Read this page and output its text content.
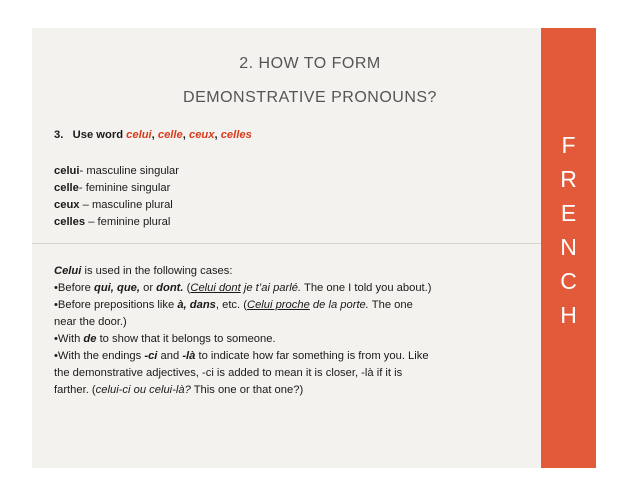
F
R
E
N
C
H
2. HOW TO FORM
DEMONSTRATIVE PRONOUNS?
3. Use word celui, celle, ceux, celles

celui- masculine singular

celle- feminine singular

ceux – masculine plural

celles – feminine plural

Celui is used in the following cases:

•Before qui, que, or dont. (Celui dont je t’ai parlé. The one I told you about.)

•Before prepositions like à, dans, etc. (Celui proche de la porte. The one

near the door.)

•With de to show that it belongs to someone.

•With the endings -ci and -là to indicate how far something is from you. Like

the demonstrative adjectives, -ci is added to mean it is closer, -là if it is

farther. (celui-ci ou celui-là? This one or that one?)
